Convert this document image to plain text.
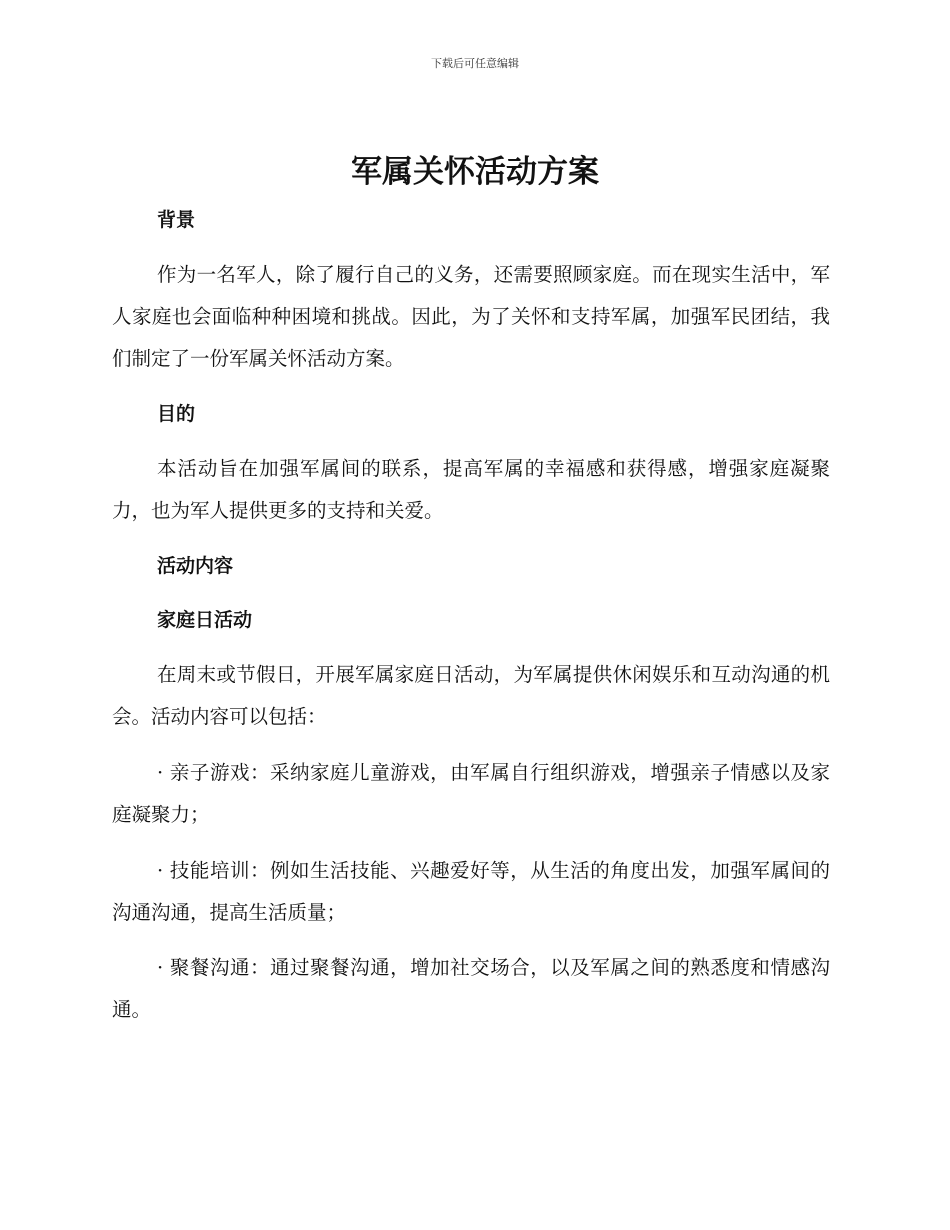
下载后可任意编辑
军属关怀活动方案
背景

作为一名军人，除了履行自己的义务，还需要照顾家庭。而在现实生活中，军人家庭也会面临种种困境和挑战。因此，为了关怀和支持军属，加强军民团结，我们制定了一份军属关怀活动方案。

目的

本活动旨在加强军属间的联系，提高军属的幸福感和获得感，增强家庭凝聚力，也为军人提供更多的支持和关爱。

活动内容
家庭日活动

在周末或节假日，开展军属家庭日活动，为军属提供休闲娱乐和互动沟通的机会。活动内容可以包括：

· 亲子游戏：采纳家庭儿童游戏，由军属自行组织游戏，增强亲子情感以及家庭凝聚力；

· 技能培训：例如生活技能、兴趣爱好等，从生活的角度出发，加强军属间的沟通沟通，提高生活质量；

· 聚餐沟通：通过聚餐沟通，增加社交场合，以及军属之间的熟悉度和情感沟通。
